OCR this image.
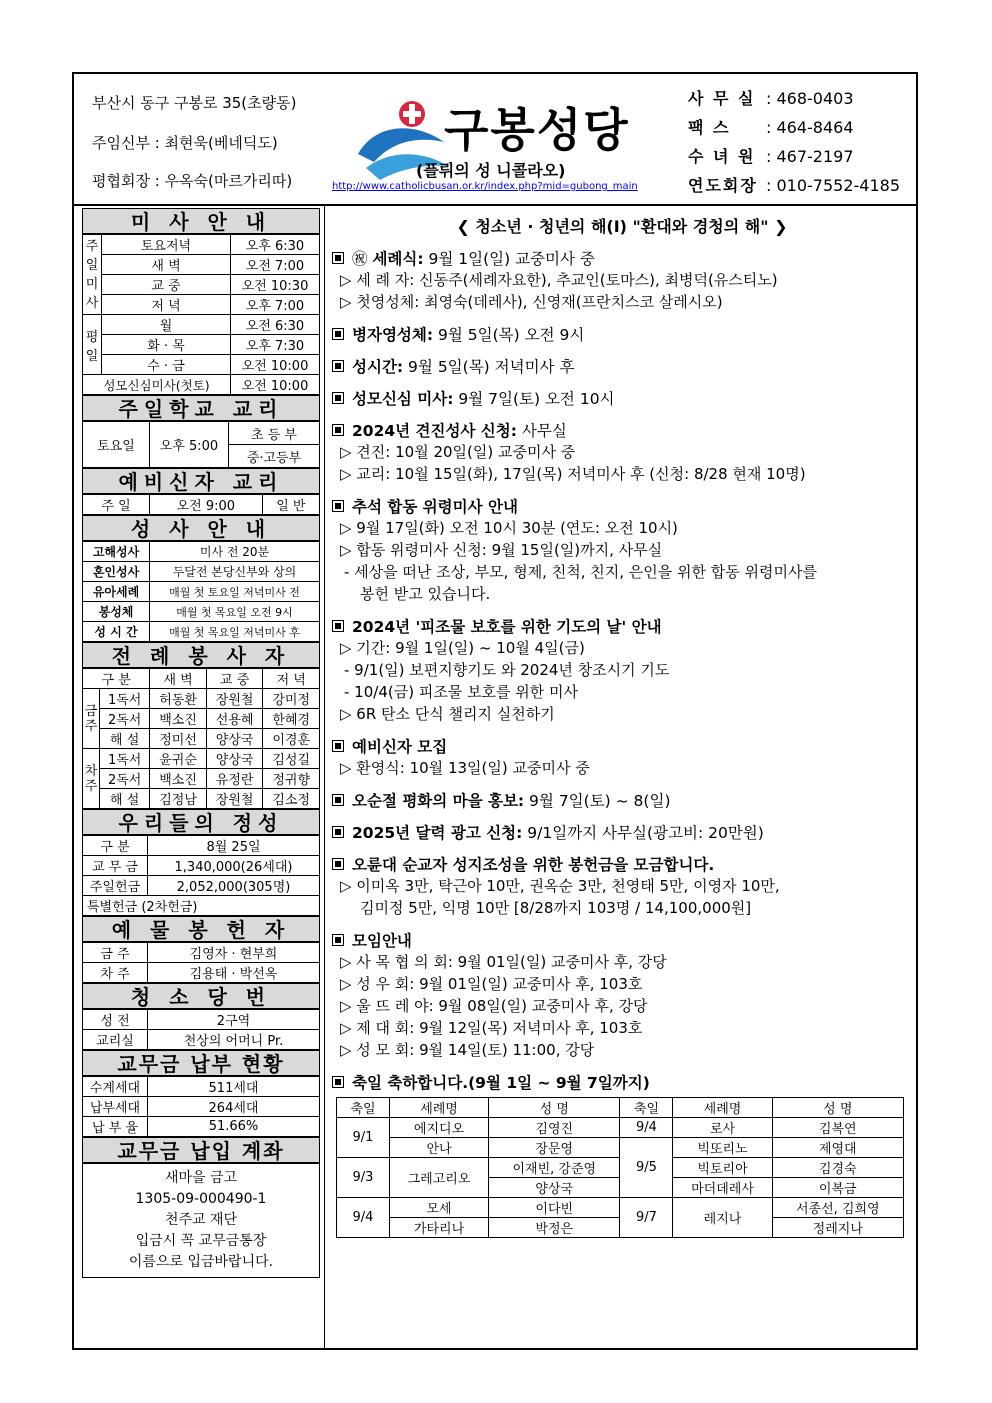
부산시 동구 구봉로 35(초량동)
주임신부 : 최현욱(베네딕도)
평협회장 : 우옥숙(마르가리따)
구봉성당
(플뤼의 성 니콜라오)
http://www.catholicbusan.or.kr/index.php?mid=gubong_main
사 무 실 : 468-0403
팩 스 : 464-8464
수 녀 원 : 467-2197
연도회장 : 010-7552-4185
미 사 안 내
주일미사	토요저녁	오후 6:30
	새 벽	오전 7:00
	교 중	오전 10:30
	저 녁	오후 7:00
평일	월	오전 6:30
	화 · 목	오후 7:30
	수 · 금	오전 10:00
성모신심미사(첫토)		오전 10:00
주일학교 교리
토요일	오후 5:00	초 등 부
중·고등부
예비신자 교리
주 일	오전 9:00	일 반
성 사 안 내
고해성사	미사 전 20분
혼인성사	두달전 본당신부와 상의
유아세례	매월 첫 토요일 저녁미사 전
봉성체	매월 첫 목요일 오전 9시
성 시 간	매월 첫 목요일 저녁미사 후
전 례 봉 사 자
구 분		새 벽	교 중	저 녁
금주	1독서	허동환	장원철	강미정
	2독서	백소진	선용혜	한혜경
	해 설	정미선	양상국	이경훈
차주	1독서	윤귀순	양상국	김성길
	2독서	백소진	유정란	정귀향
	해 설	김정남	장원철	김소정
우리들의 정성
구 분	8월 25일
교 무 금	1,340,000(26세대)
주일헌금	2,052,000(305명)
특별헌금 (2차헌금)	
예 물 봉 헌 자
금 주	김영자 · 현부희
차 주	김용태 · 박선옥
청 소 당 번
성 전	2구역
교리실	천상의 어머니 Pr.
교무금 납부 현황
수계세대	511세대
납부세대	264세대
납 부 율	51.66%
교무금 납입 계좌
새마을 금고
1305-09-000490-1
천주교 재단
입금시 꼭 교무금통장
이름으로 입금바랍니다.
❮ 청소년 · 청년의 해(I) "환대와 경청의 해" ❯
㊗ 세례식: 9월 1일(일) 교중미사 중
▷ 세 례 자: 신동주(세례자요한), 추교인(토마스), 최병덕(유스티노)
▷ 첫영성체: 최영숙(데레사), 신영재(프란치스코 살레시오)
병자영성체: 9월 5일(목) 오전 9시
성시간: 9월 5일(목) 저녁미사 후
성모신심 미사: 9월 7일(토) 오전 10시
2024년 견진성사 신청: 사무실
▷ 견진: 10월 20일(일) 교중미사 중
▷ 교리: 10월 15일(화), 17일(목) 저녁미사 후 (신청: 8/28 현재 10명)
추석 합동 위령미사 안내
▷ 9월 17일(화) 오전 10시 30분 (연도: 오전 10시)
▷ 합동 위령미사 신청: 9월 15일(일)까지, 사무실
- 세상을 떠난 조상, 부모, 형제, 친척, 친지, 은인을 위한 합동 위령미사를
봉헌 받고 있습니다.
2024년 '피조물 보호를 위한 기도의 날' 안내
▷ 기간: 9월 1일(일) ~ 10월 4일(금)
- 9/1(일) 보편지향기도 와 2024년 창조시기 기도
- 10/4(금) 피조물 보호를 위한 미사
▷ 6R 탄소 단식 챌리지 실천하기
예비신자 모집
▷ 환영식: 10월 13일(일) 교중미사 중
오순절 평화의 마을 홍보: 9월 7일(토) ~ 8(일)
2025년 달력 광고 신청: 9/1일까지 사무실(광고비: 20만원)
오륜대 순교자 성지조성을 위한 봉헌금을 모금합니다.
▷ 이미옥 3만, 탁근아 10만, 권옥순 3만, 천영태 5만, 이영자 10만,
김미정 5만, 익명 10만 [8/28까지 103명 / 14,100,000원]
모임안내
▷ 사 목 협 의 회: 9월 01일(일) 교중미사 후, 강당
▷ 성 우 회: 9월 01일(일) 교중미사 후, 103호
▷ 울 뜨 레 야: 9월 08일(일) 교중미사 후, 강당
▷ 제 대 회: 9월 12일(목) 저녁미사 후, 103호
▷ 성 모 회: 9월 14일(토) 11:00, 강당
축일 축하합니다.(9월 1일 ~ 9월 7일까지)
축일	세례명	성 명	축일	세례명	성 명
9/1	에지디오	김영진	9/4	로사	김복연
	안나	장문영	9/5	빅또리노	제영대
9/3	그레고리오	이재빈, 강준영		빅토리아	김경숙
		양상국		마더데레사	이복금
9/4	모세	이다빈	9/7	레지나	서종선, 김희영
	가타리나	박정은			정레지나
